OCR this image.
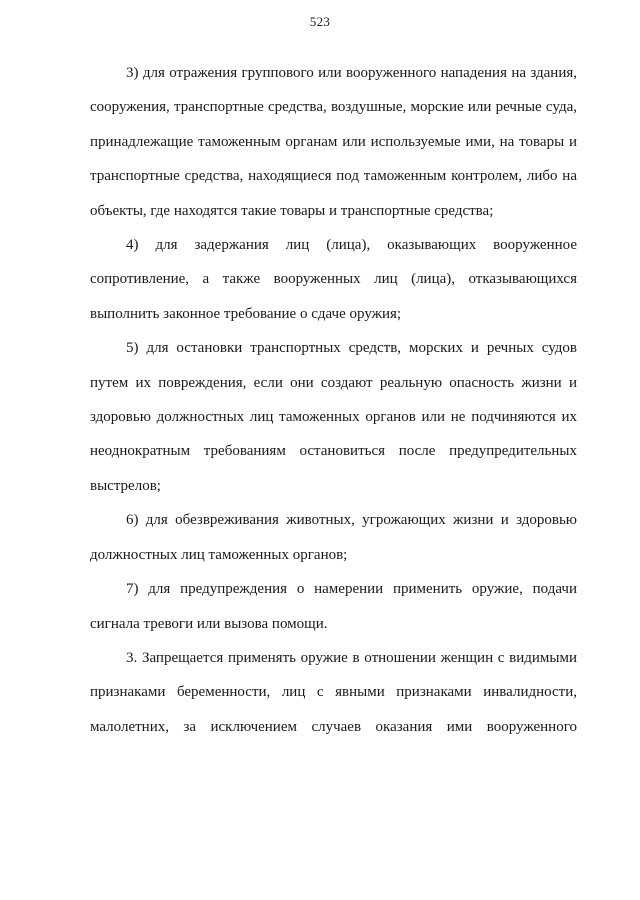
523

3) для отражения группового или вооруженного нападения на здания, сооружения, транспортные средства, воздушные, морские или речные суда, принадлежащие таможенным органам или используемые ими, на товары и транспортные средства, находящиеся под таможенным контролем, либо на объекты, где находятся такие товары и транспортные средства;

4) для задержания лиц (лица), оказывающих вооруженное сопротивление, а также вооруженных лиц (лица), отказывающихся выполнить законное требование о сдаче оружия;

5) для остановки транспортных средств, морских и речных судов путем их повреждения, если они создают реальную опасность жизни и здоровью должностных лиц таможенных органов или не подчиняются их неоднократным требованиям остановиться после предупредительных выстрелов;

6) для обезвреживания животных, угрожающих жизни и здоровью должностных лиц таможенных органов;

7) для предупреждения о намерении применить оружие, подачи сигнала тревоги или вызова помощи.

3. Запрещается применять оружие в отношении женщин с видимыми признаками беременности, лиц с явными признаками инвалидности, малолетних, за исключением случаев оказания ими вооруженного
